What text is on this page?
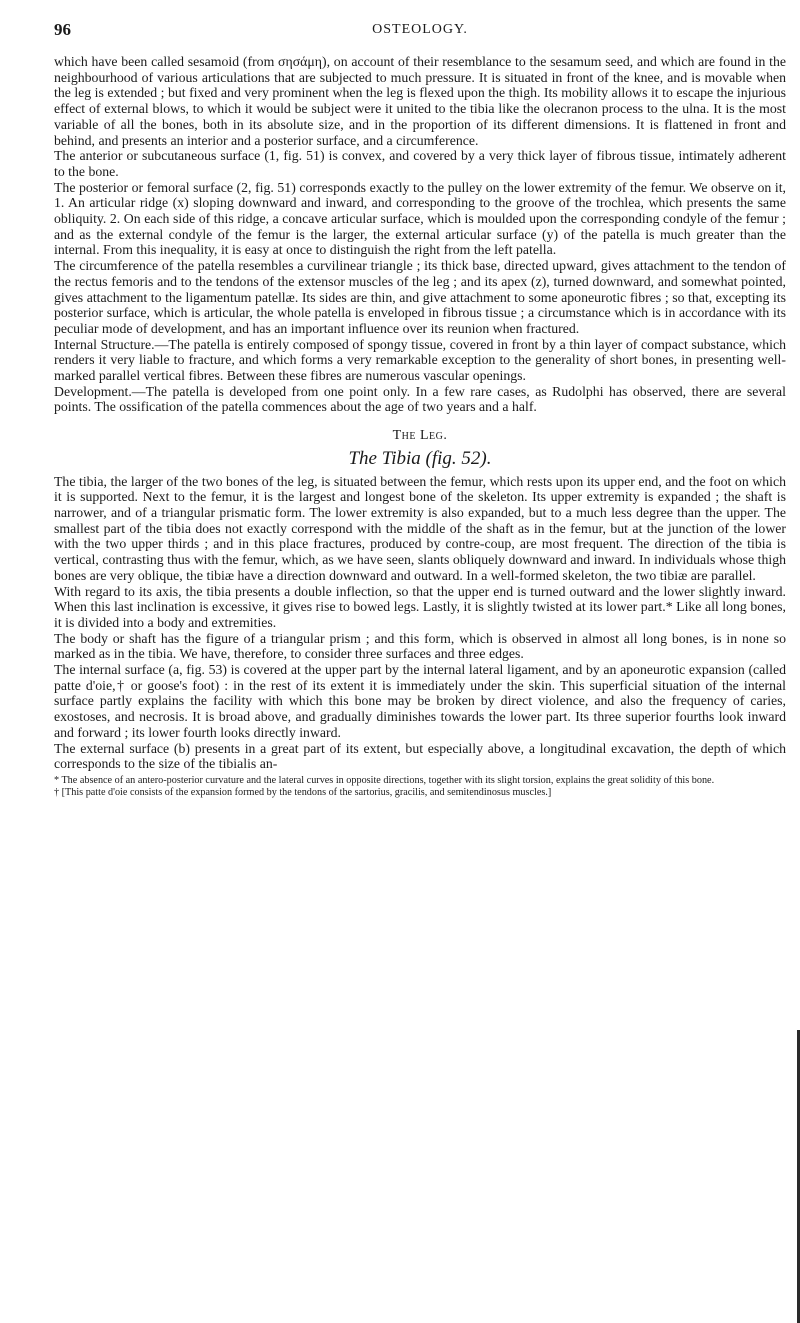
96	OSTEOLOGY.

which have been called sesamoid (from σησάμη), on account of their resemblance to the sesamum seed, and which are found in the neighbourhood of various articulations that are subjected to much pressure. It is situated in front of the knee, and is movable when the leg is extended ; but fixed and very prominent when the leg is flexed upon the thigh. Its mobility allows it to escape the injurious effect of external blows, to which it would be subject were it united to the tibia like the olecranon process to the ulna. It is the most variable of all the bones, both in its absolute size, and in the proportion of its different dimensions. It is flattened in front and behind, and presents an interior and a posterior surface, and a circumference.

The anterior or subcutaneous surface (1, fig. 51) is convex, and covered by a very thick layer of fibrous tissue, intimately adherent to the bone.

The posterior or femoral surface (2, fig. 51) corresponds exactly to the pulley on the lower extremity of the femur. We observe on it, 1. An articular ridge (x) sloping downward and inward, and corresponding to the groove of the trochlea, which presents the same obliquity. 2. On each side of this ridge, a concave articular surface, which is moulded upon the corresponding condyle of the femur ; and as the external condyle of the femur is the larger, the external articular surface (y) of the patella is much greater than the internal. From this inequality, it is easy at once to distinguish the right from the left patella.

The circumference of the patella resembles a curvilinear triangle ; its thick base, directed upward, gives attachment to the tendon of the rectus femoris and to the tendons of the extensor muscles of the leg ; and its apex (z), turned downward, and somewhat pointed, gives attachment to the ligamentum patellæ. Its sides are thin, and give attachment to some aponeurotic fibres ; so that, excepting its posterior surface, which is articular, the whole patella is enveloped in fibrous tissue ; a circumstance which is in accordance with its peculiar mode of development, and has an important influence over its reunion when fractured.

Internal Structure.—The patella is entirely composed of spongy tissue, covered in front by a thin layer of compact substance, which renders it very liable to fracture, and which forms a very remarkable exception to the generality of short bones, in presenting well-marked parallel vertical fibres. Between these fibres are numerous vascular openings.

Development.—The patella is developed from one point only. In a few rare cases, as Rudolphi has observed, there are several points. The ossification of the patella commences about the age of two years and a half.

The Leg.
The Tibia (fig. 52).

The tibia, the larger of the two bones of the leg, is situated between the femur, which rests upon its upper end, and the foot on which it is supported. Next to the femur, it is the largest and longest bone of the skeleton. Its upper extremity is expanded ; the shaft is narrower, and of a triangular prismatic form. The lower extremity is also expanded, but to a much less degree than the upper. The smallest part of the tibia does not exactly correspond with the middle of the shaft as in the femur, but at the junction of the lower with the two upper thirds ; and in this place fractures, produced by contre-coup, are most frequent. The direction of the tibia is vertical, contrasting thus with the femur, which, as we have seen, slants obliquely downward and inward. In individuals whose thigh bones are very oblique, the tibiæ have a direction downward and outward. In a well-formed skeleton, the two tibiæ are parallel.

With regard to its axis, the tibia presents a double inflection, so that the upper end is turned outward and the lower slightly inward. When this last inclination is excessive, it gives rise to bowed legs. Lastly, it is slightly twisted at its lower part.* Like all long bones, it is divided into a body and extremities.

The body or shaft has the figure of a triangular prism ; and this form, which is observed in almost all long bones, is in none so marked as in the tibia. We have, therefore, to consider three surfaces and three edges.

The internal surface (a, fig. 53) is covered at the upper part by the internal lateral ligament, and by an aponeurotic expansion (called patte d'oie,† or goose's foot) : in the rest of its extent it is immediately under the skin. This superficial situation of the internal surface partly explains the facility with which this bone may be broken by direct violence, and also the frequency of caries, exostoses, and necrosis. It is broad above, and gradually diminishes towards the lower part. Its three superior fourths look inward and forward ; its lower fourth looks directly inward.

The external surface (b) presents in a great part of its extent, but especially above, a longitudinal excavation, the depth of which corresponds to the size of the tibialis an-

* The absence of an antero-posterior curvature and the lateral curves in opposite directions, together with its slight torsion, explains the great solidity of this bone.

† [This patte d'oie consists of the expansion formed by the tendons of the sartorius, gracilis, and semitendinosus muscles.]
